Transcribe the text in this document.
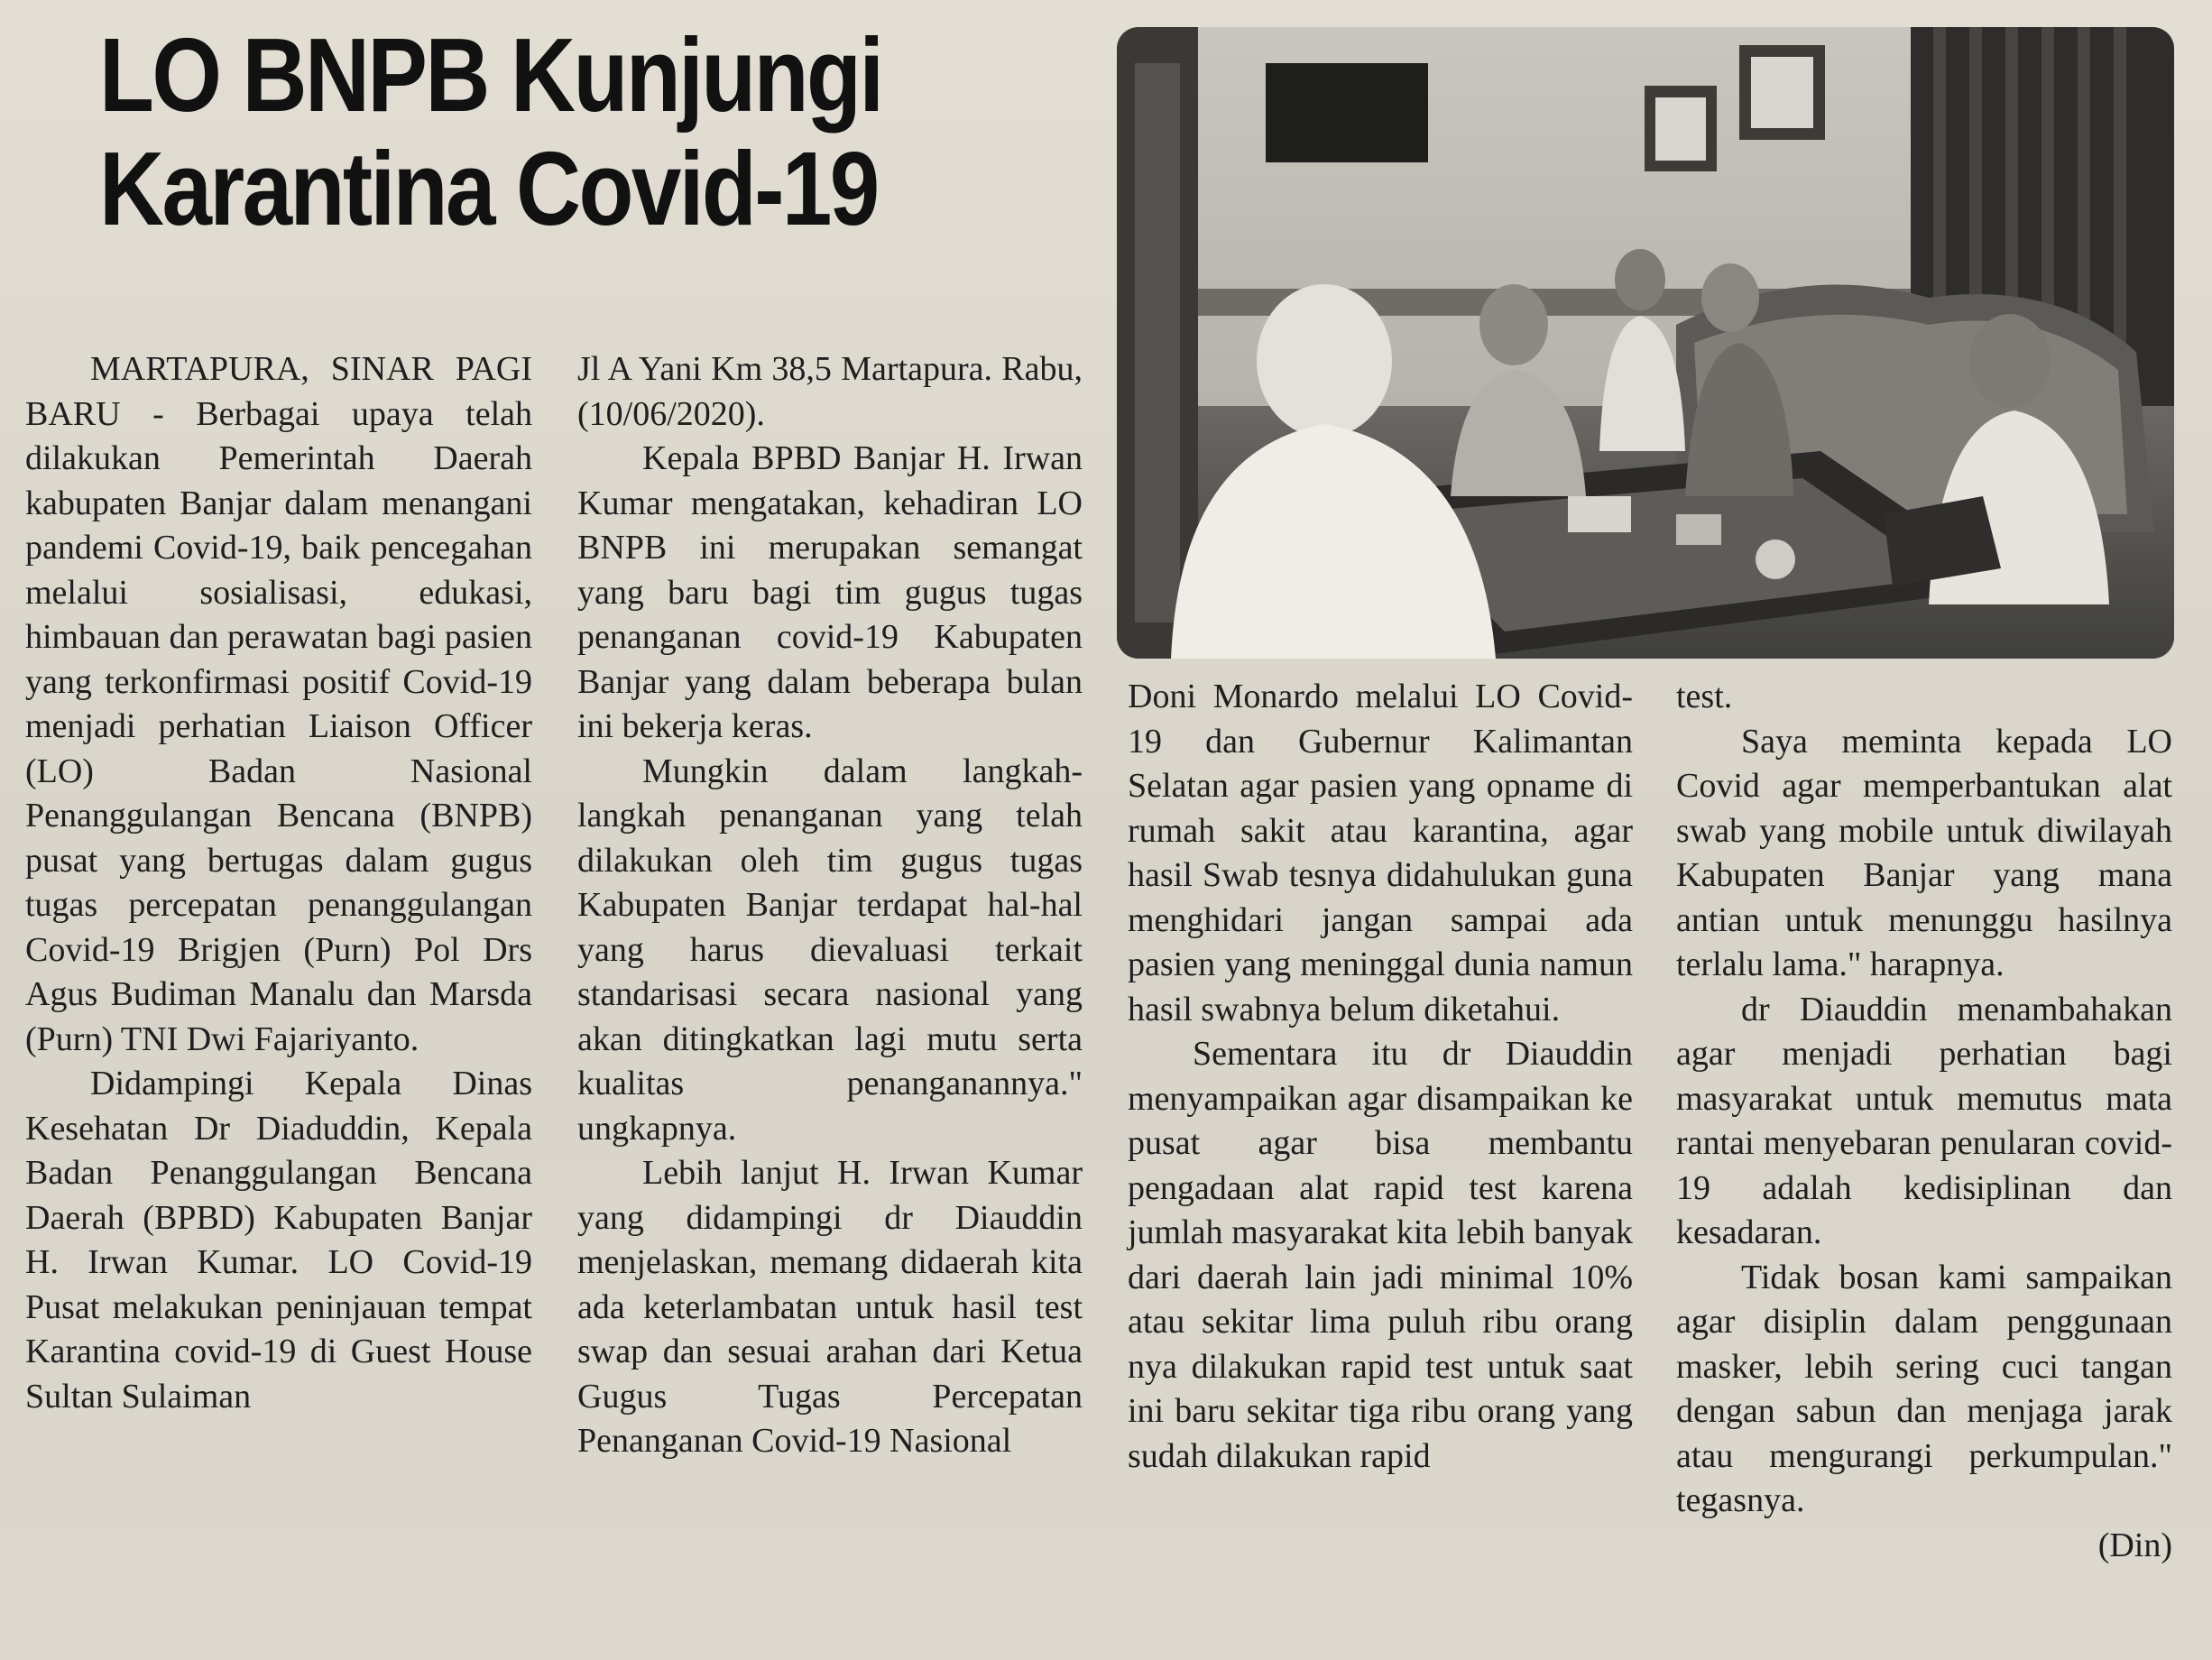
LO BNPB Kunjungi
Karantina Covid-19

MARTAPURA, SINAR PAGI BARU - Berbagai upaya telah dilakukan Pemerintah Daerah kabupaten Banjar dalam menangani pandemi Covid-19, baik pencegahan melalui sosialisasi, edukasi, himbauan dan perawatan bagi pasien yang terkonfirmasi positif Covid-19 menjadi perhatian Liaison Officer (LO) Badan Nasional Penanggulangan Bencana (BNPB) pusat yang bertugas dalam gugus tugas percepatan penanggulangan Covid-19 Brigjen (Purn) Pol Drs Agus Budiman Manalu dan Marsda (Purn) TNI Dwi Fajariyanto.

Didampingi Kepala Dinas Kesehatan Dr Diaduddin, Kepala Badan Penanggulangan Bencana Daerah (BPBD) Kabupaten Banjar H. Irwan Kumar. LO Covid-19 Pusat melakukan peninjauan tempat Karantina covid-19 di Guest House Sultan Sulaiman

Jl A Yani Km 38,5 Martapura. Rabu, (10/06/2020).

Kepala BPBD Banjar H. Irwan Kumar mengatakan, kehadiran LO BNPB ini merupakan semangat yang baru bagi tim gugus tugas penanganan covid-19 Kabupaten Banjar yang dalam beberapa bulan ini bekerja keras.

Mungkin dalam langkah-langkah penanganan yang telah dilakukan oleh tim gugus tugas Kabupaten Banjar terdapat hal-hal yang harus dievaluasi terkait standarisasi secara nasional yang akan ditingkatkan lagi mutu serta kualitas penanganannya." ungkapnya.

Lebih lanjut H. Irwan Kumar yang didampingi dr Diauddin menjelaskan, memang didaerah kita ada keterlambatan untuk hasil test swap dan sesuai arahan dari Ketua Gugus Tugas Percepatan Penanganan Covid-19 Nasional

Doni Monardo melalui LO Covid-19 dan Gubernur Kalimantan Selatan agar pasien yang opname di rumah sakit atau karantina, agar hasil Swab tesnya didahulukan guna menghidari jangan sampai ada pasien yang meninggal dunia namun hasil swabnya belum diketahui.

Sementara itu dr Diauddin menyampaikan agar disampaikan ke pusat agar bisa membantu pengadaan alat rapid test karena jumlah masyarakat kita lebih banyak dari daerah lain jadi minimal 10% atau sekitar lima puluh ribu orang nya dilakukan rapid test untuk saat ini baru sekitar tiga ribu orang yang sudah dilakukan rapid

test.

Saya meminta kepada LO Covid agar memperbantukan alat swab yang mobile untuk diwilayah Kabupaten Banjar yang mana antian untuk menunggu hasilnya terlalu lama." harapnya.

dr Diauddin menambahakan agar menjadi perhatian bagi masyarakat untuk memutus mata rantai menyebaran penularan covid-19 adalah kedisiplinan dan kesadaran.

Tidak bosan kami sampaikan agar disiplin dalam penggunaan masker, lebih sering cuci tangan dengan sabun dan menjaga jarak atau mengurangi perkumpulan." tegasnya.

(Din)
